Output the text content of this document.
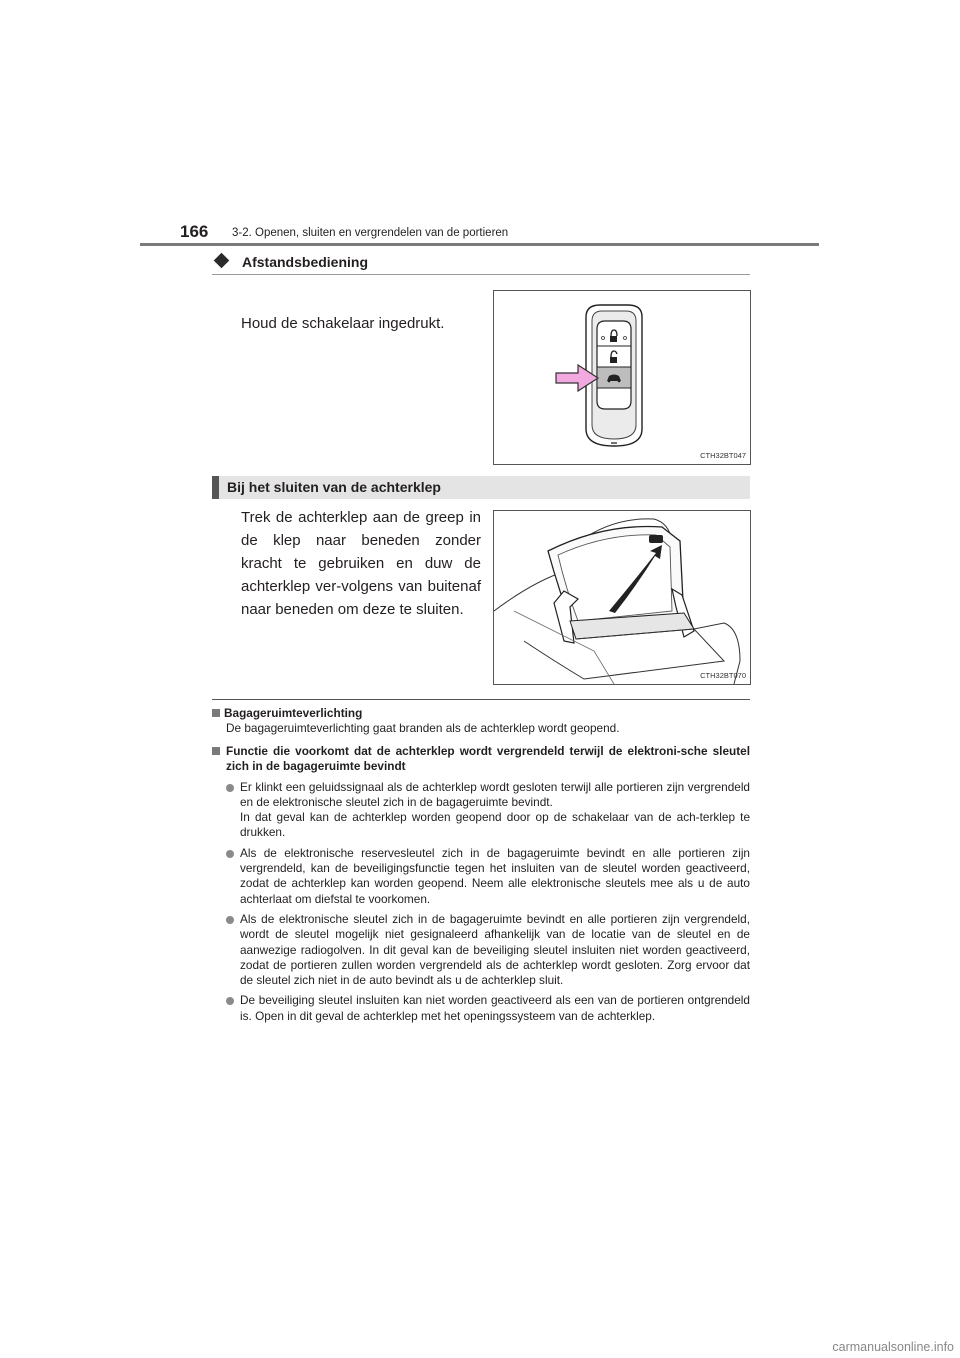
166 3-2. Openen, sluiten en vergrendelen van de portieren
Afstandsbediening
Houd de schakelaar ingedrukt.
CTH32BT047
Bij het sluiten van de achterklep
Trek de achterklep aan de greep in de klep naar beneden zonder kracht te gebruiken en duw de achterklep ver-volgens van buitenaf naar beneden om deze te sluiten.
CTH32BT070
Bagageruimteverlichting
De bagageruimteverlichting gaat branden als de achterklep wordt geopend.
Functie die voorkomt dat de achterklep wordt vergrendeld terwijl de elektroni-sche sleutel zich in de bagageruimte bevindt
Er klinkt een geluidssignaal als de achterklep wordt gesloten terwijl alle portieren zijn vergrendeld en de elektronische sleutel zich in de bagageruimte bevindt.
In dat geval kan de achterklep worden geopend door op de schakelaar van de ach-terklep te drukken.
Als de elektronische reservesleutel zich in de bagageruimte bevindt en alle portieren zijn vergrendeld, kan de beveiligingsfunctie tegen het insluiten van de sleutel worden geactiveerd, zodat de achterklep kan worden geopend. Neem alle elektronische sleutels mee als u de auto achterlaat om diefstal te voorkomen.
Als de elektronische sleutel zich in de bagageruimte bevindt en alle portieren zijn vergrendeld, wordt de sleutel mogelijk niet gesignaleerd afhankelijk van de locatie van de sleutel en de aanwezige radiogolven. In dit geval kan de beveiliging sleutel insluiten niet worden geactiveerd, zodat de portieren zullen worden vergrendeld als de achterklep wordt gesloten. Zorg ervoor dat de sleutel zich niet in de auto bevindt als u de achterklep sluit.
De beveiliging sleutel insluiten kan niet worden geactiveerd als een van de portieren ontgrendeld is. Open in dit geval de achterklep met het openingssysteem van de achterklep.
carmanualsonline.info
